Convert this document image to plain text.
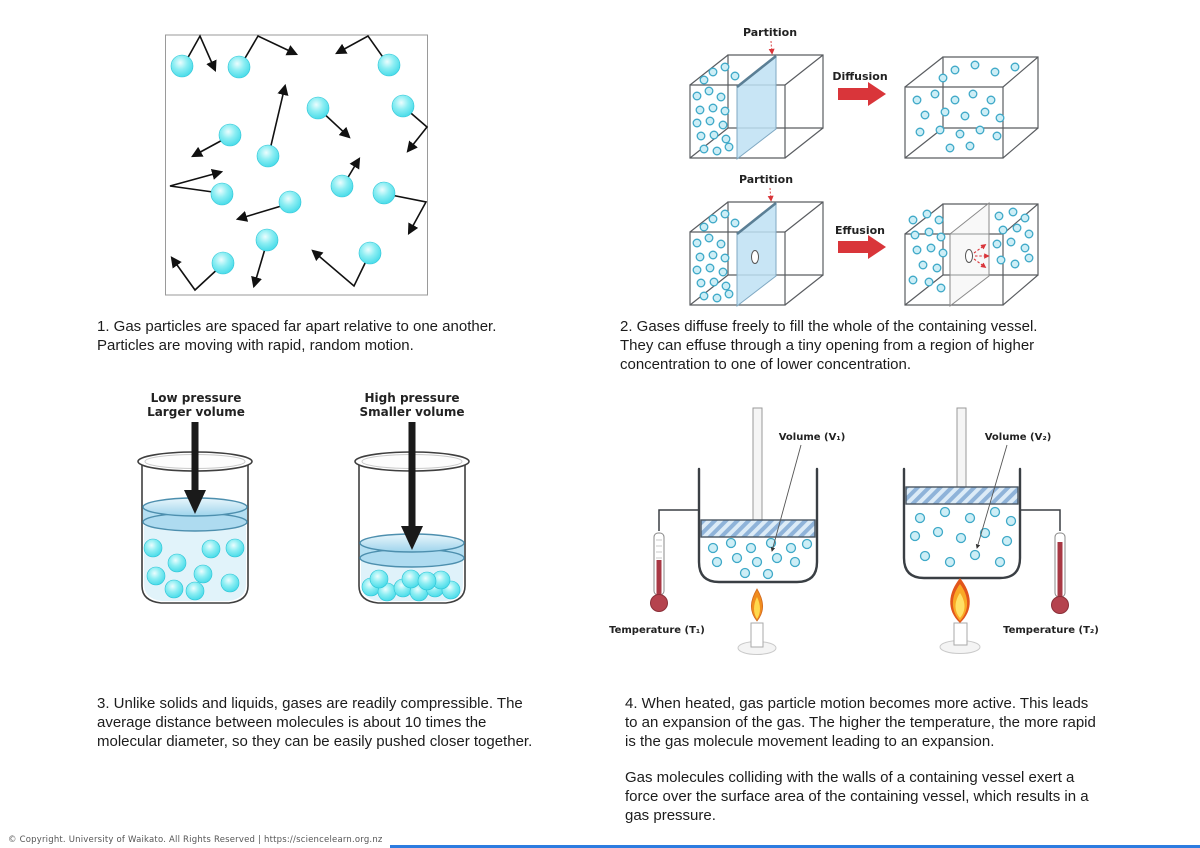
Partition
Diffusion
Partition
Effusion
Low pressure
Larger volume
High pressure
Smaller volume
Volume (V₁)
Temperature (T₁)
Volume (V₂)
Temperature (T₂)
1. Gas particles are spaced far apart relative to one another. Particles are moving with rapid, random motion.
2. Gases diffuse freely to fill the whole of the containing vessel. They can effuse through a tiny opening from a region of higher concentration to one of lower concentration.
3. Unlike solids and liquids, gases are readily compressible. The average distance between molecules is about 10 times the molecular diameter, so they can be easily pushed closer together.

4. When heated, gas particle motion becomes more active. This leads to an expansion of the gas. The higher the temperature, the more rapid is the gas molecule movement leading to an expansion.

Gas molecules colliding with the walls of a containing vessel exert a force over the surface area of the containing vessel, which results in a gas pressure.

© Copyright. University of Waikato. All Rights Reserved | https://sciencelearn.org.nz
